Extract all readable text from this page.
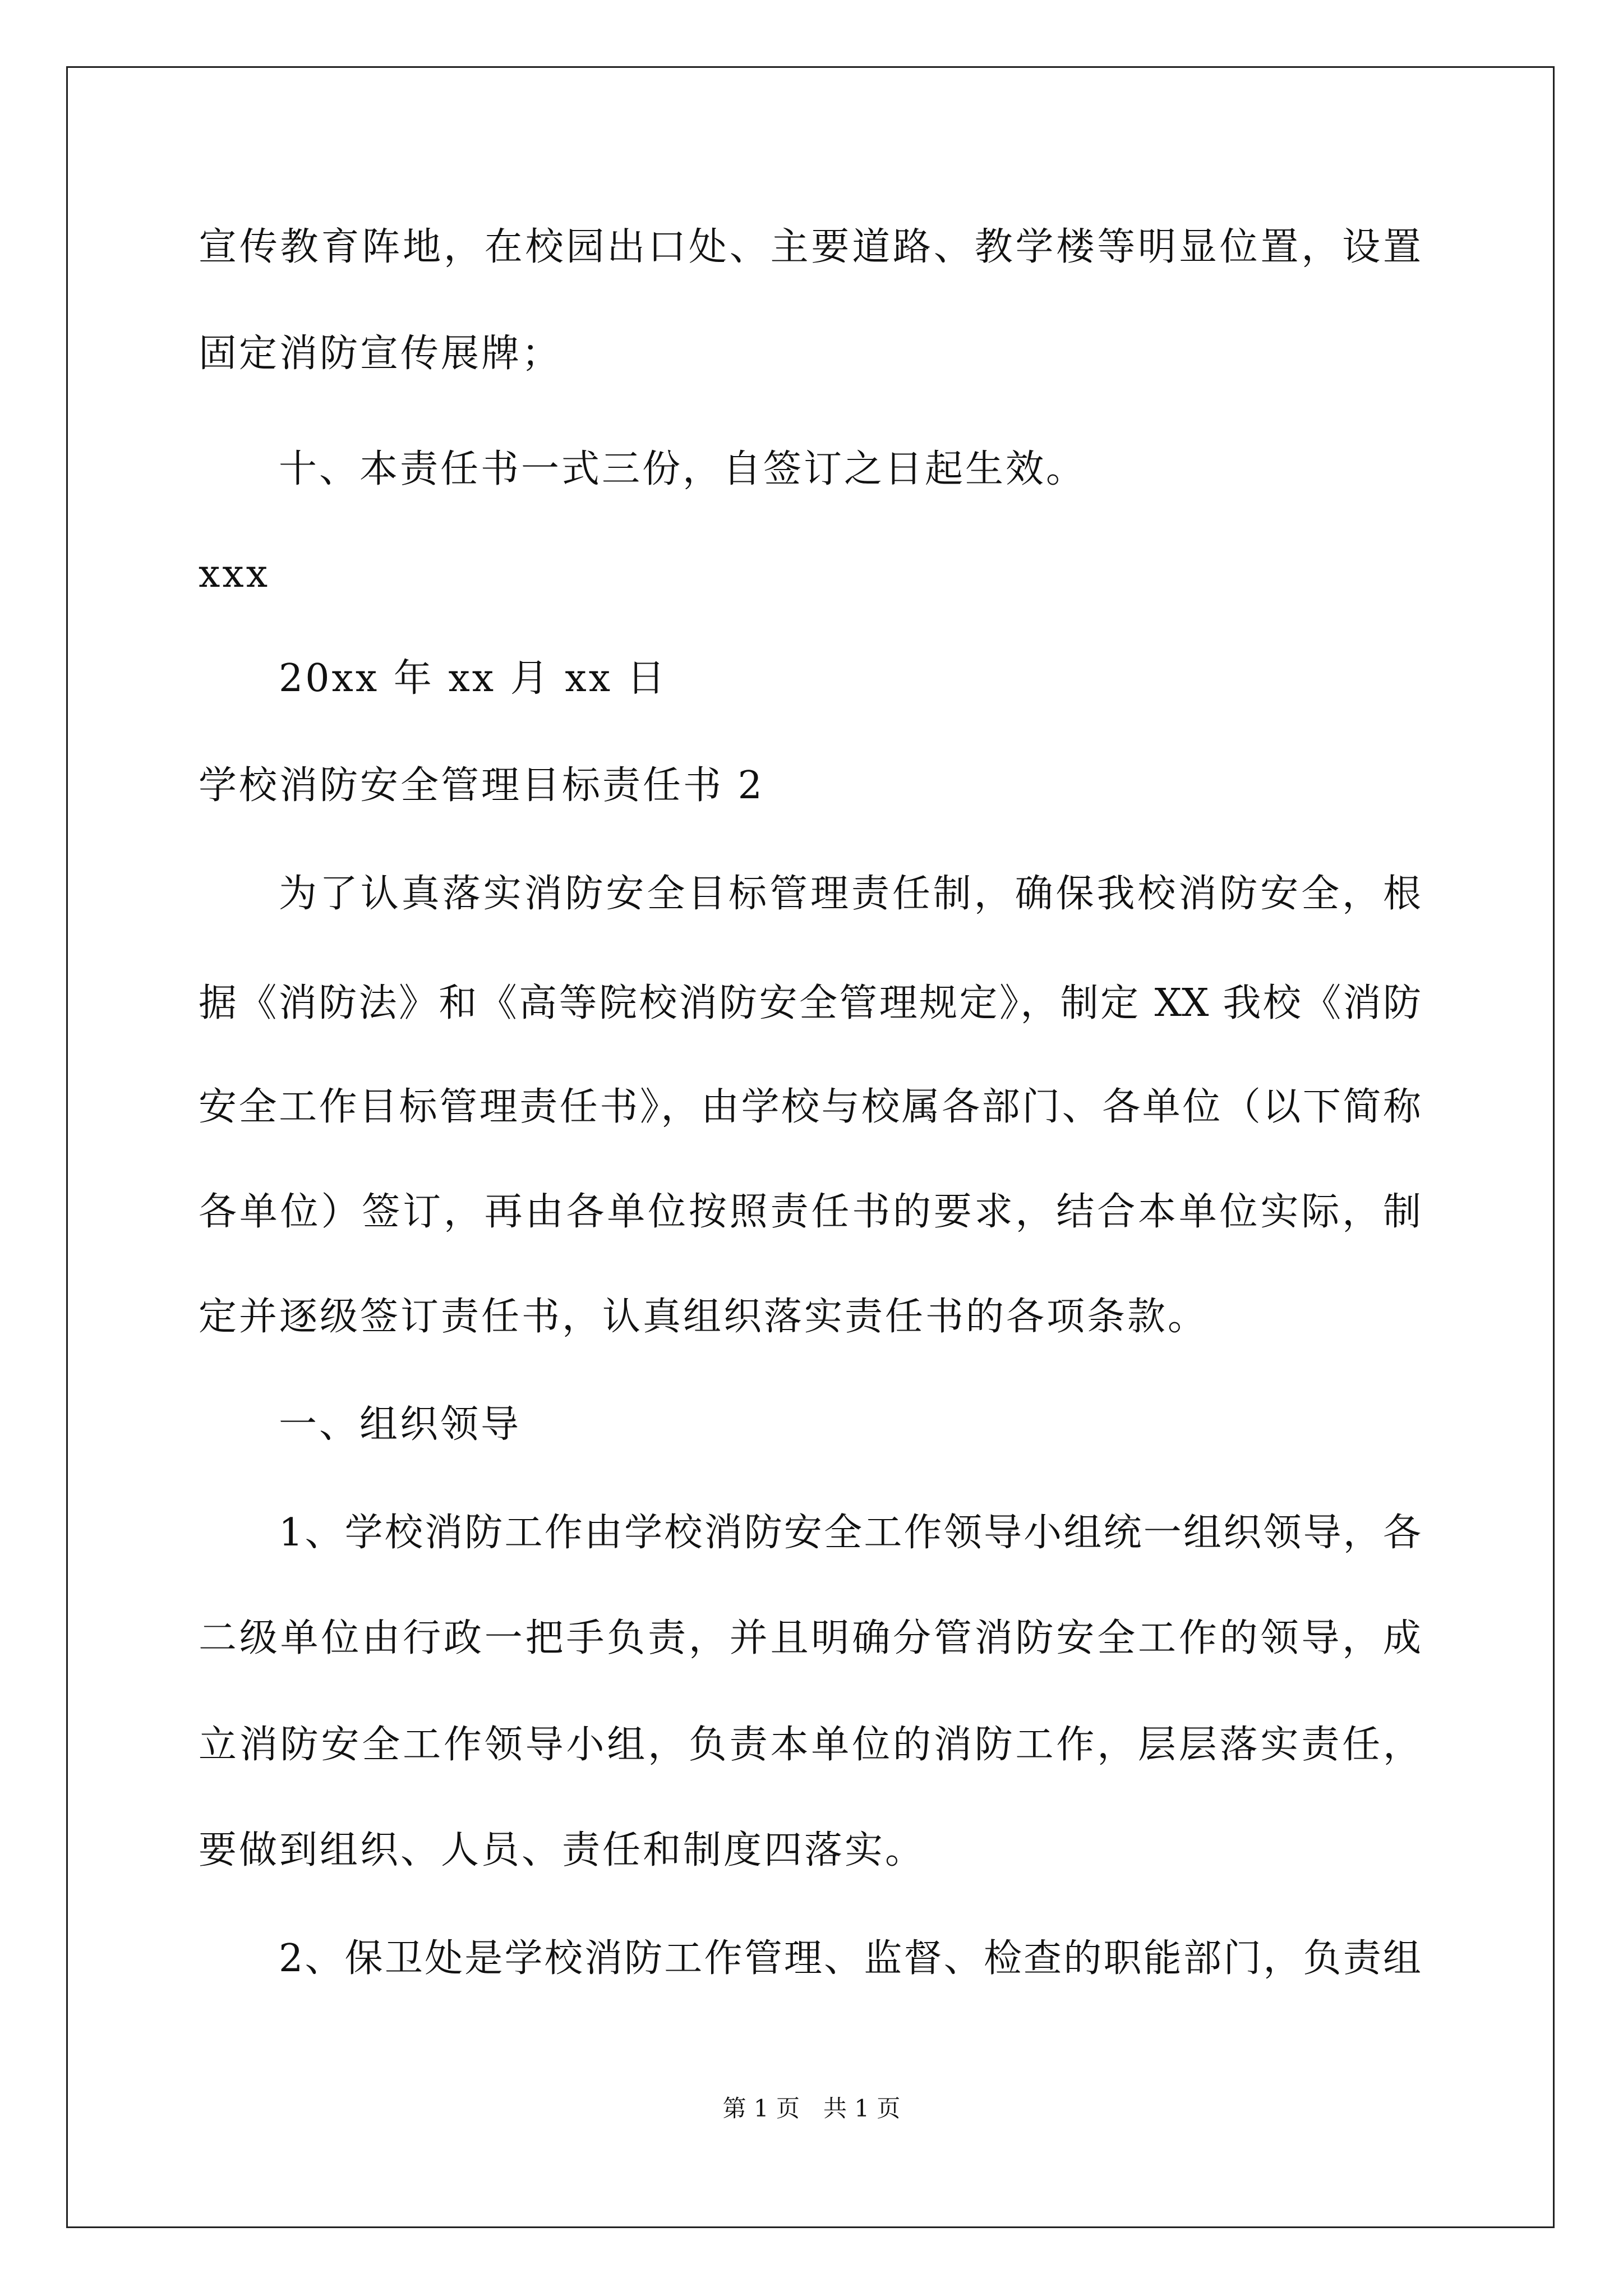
宣传教育阵地，在校园出口处、主要道路、教学楼等明显位置，设置
固定消防宣传展牌；
十、本责任书一式三份，自签订之日起生效。
xxx
20xx 年 xx 月 xx 日
学校消防安全管理目标责任书 2
为了认真落实消防安全目标管理责任制，确保我校消防安全，根
据《消防法》和《高等院校消防安全管理规定》，制定 XX 我校《消防
安全工作目标管理责任书》，由学校与校属各部门、各单位（以下简称
各单位）签订，再由各单位按照责任书的要求，结合本单位实际，制
定并逐级签订责任书，认真组织落实责任书的各项条款。
一、组织领导
1、学校消防工作由学校消防安全工作领导小组统一组织领导，各
二级单位由行政一把手负责，并且明确分管消防安全工作的领导，成
立消防安全工作领导小组，负责本单位的消防工作，层层落实责任，
要做到组织、人员、责任和制度四落实。
2、保卫处是学校消防工作管理、监督、检查的职能部门，负责组
第 1 页　共 1 页
